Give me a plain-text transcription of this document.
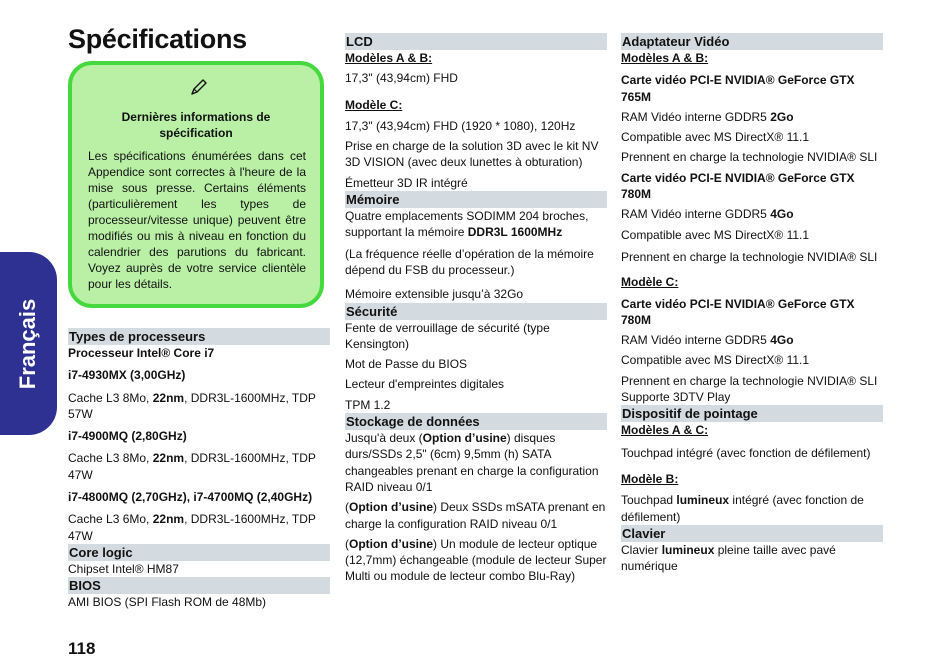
Spécifications
Français
Dernières informations de spécification
Les spécifications énumérées dans cet Appendice sont correctes à l'heure de la mise sous presse. Certains éléments (particulièrement les types de processeur/vitesse unique) peuvent être modifiés ou mis à niveau en fonction du calendrier des parutions du fabricant. Voyez auprès de votre service clientèle pour les détails.
Types de processeurs
Processeur Intel® Core i7
i7-4930MX (3,00GHz)
Cache L3 8Mo, 22nm, DDR3L-1600MHz, TDP 57W
i7-4900MQ (2,80GHz)
Cache L3 8Mo, 22nm, DDR3L-1600MHz, TDP 47W
i7-4800MQ (2,70GHz), i7-4700MQ (2,40GHz)
Cache L3 6Mo, 22nm, DDR3L-1600MHz, TDP 47W
Core logic
Chipset Intel® HM87
BIOS
AMI BIOS (SPI Flash ROM de 48Mb)
LCD
Modèles A & B:
17,3" (43,94cm) FHD
Modèle C:
17,3" (43,94cm) FHD (1920 * 1080), 120Hz
Prise en charge de la solution 3D avec le kit NV 3D VISION (avec deux lunettes à obturation)
Émetteur 3D IR intégré
Mémoire
Quatre emplacements SODIMM 204 broches, supportant la mémoire DDR3L 1600MHz
(La fréquence réelle d’opération de la mémoire dépend du FSB du processeur.)
Mémoire extensible jusqu’à 32Go
Sécurité
Fente de verrouillage de sécurité (type Kensington)
Mot de Passe du BIOS
Lecteur d'empreintes digitales
TPM 1.2
Stockage de données
Jusqu'à deux (Option d’usine) disques durs/SSDs 2,5" (6cm) 9,5mm (h) SATA changeables prenant en charge la configuration RAID niveau 0/1
(Option d’usine) Deux SSDs mSATA prenant en charge la configuration RAID niveau 0/1
(Option d’usine) Un module de lecteur optique (12,7mm) échangeable (module de lecteur Super Multi ou module de lecteur combo Blu-Ray)
Adaptateur Vidéo
Modèles A & B:
Carte vidéo PCI-E NVIDIA® GeForce GTX 765M
RAM Vidéo interne GDDR5 2Go
Compatible avec MS DirectX® 11.1
Prennent en charge la technologie NVIDIA® SLI
Carte vidéo PCI-E NVIDIA® GeForce GTX 780M
RAM Vidéo interne GDDR5 4Go
Compatible avec MS DirectX® 11.1
Prennent en charge la technologie NVIDIA® SLI
Modèle C:
Carte vidéo PCI-E NVIDIA® GeForce GTX 780M
RAM Vidéo interne GDDR5 4Go
Compatible avec MS DirectX® 11.1
Prennent en charge la technologie NVIDIA® SLI
Supporte 3DTV Play
Dispositif de pointage
Modèles A & C:
Touchpad intégré (avec fonction de défilement)
Modèle B:
Touchpad lumineux intégré (avec fonction de défilement)
Clavier
Clavier lumineux pleine taille avec pavé numérique
118
